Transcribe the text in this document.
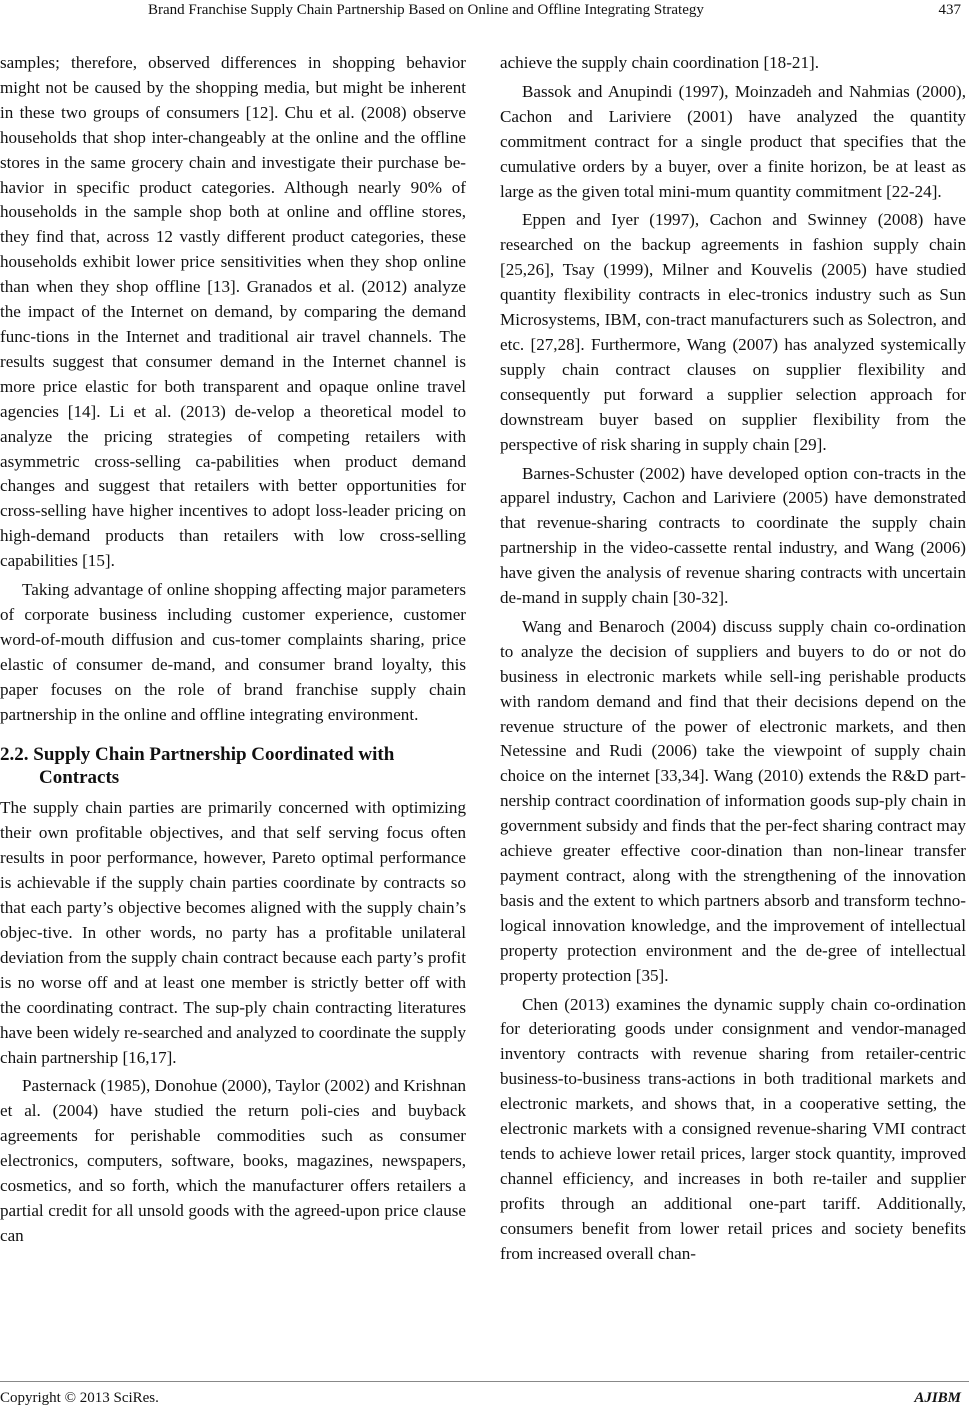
Brand Franchise Supply Chain Partnership Based on Online and Offline Integrating Strategy	437

samples; therefore, observed differences in shopping behavior might not be caused by the shopping media, but might be inherent in these two groups of consumers [12]. Chu et al. (2008) observe households that shop inter-changeably at the online and the offline stores in the same grocery chain and investigate their purchase be-havior in specific product categories. Although nearly 90% of households in the sample shop both at online and offline stores, they find that, across 12 vastly different product categories, these households exhibit lower price sensitivities when they shop online than when they shop offline [13]. Granados et al. (2012) analyze the impact of the Internet on demand, by comparing the demand func-tions in the Internet and traditional air travel channels. The results suggest that consumer demand in the Internet channel is more price elastic for both transparent and opaque online travel agencies [14]. Li et al. (2013) de-velop a theoretical model to analyze the pricing strategies of competing retailers with asymmetric cross-selling ca-pabilities when product demand changes and suggest that retailers with better opportunities for cross-selling have higher incentives to adopt loss-leader pricing on high-demand products than retailers with low cross-selling capabilities [15].

Taking advantage of online shopping affecting major parameters of corporate business including customer experience, customer word-of-mouth diffusion and cus-tomer complaints sharing, price elastic of consumer de-mand, and consumer brand loyalty, this paper focuses on the role of brand franchise supply chain partnership in the online and offline integrating environment.

2.2. Supply Chain Partnership Coordinated with
Contracts

The supply chain parties are primarily concerned with optimizing their own profitable objectives, and that self serving focus often results in poor performance, however, Pareto optimal performance is achievable if the supply chain parties coordinate by contracts so that each party’s objective becomes aligned with the supply chain’s objec-tive. In other words, no party has a profitable unilateral deviation from the supply chain contract because each party’s profit is no worse off and at least one member is strictly better off with the coordinating contract. The sup-ply chain contracting literatures have been widely re-searched and analyzed to coordinate the supply chain partnership [16,17].

Pasternack (1985), Donohue (2000), Taylor (2002) and Krishnan et al. (2004) have studied the return poli-cies and buyback agreements for perishable commodities such as consumer electronics, computers, software, books, magazines, newspapers, cosmetics, and so forth, which the manufacturer offers retailers a partial credit for all unsold goods with the agreed-upon price clause can

achieve the supply chain coordination [18-21].

Bassok and Anupindi (1997), Moinzadeh and Nahmias (2000), Cachon and Lariviere (2001) have analyzed the quantity commitment contract for a single product that specifies that the cumulative orders by a buyer, over a finite horizon, be at least as large as the given total mini-mum quantity commitment [22-24].

Eppen and Iyer (1997), Cachon and Swinney (2008) have researched on the backup agreements in fashion supply chain [25,26], Tsay (1999), Milner and Kouvelis (2005) have studied quantity flexibility contracts in elec-tronics industry such as Sun Microsystems, IBM, con-tract manufacturers such as Solectron, and etc. [27,28]. Furthermore, Wang (2007) has analyzed systemically supply chain contract clauses on supplier flexibility and consequently put forward a supplier selection approach for downstream buyer based on supplier flexibility from the perspective of risk sharing in supply chain [29].

Barnes-Schuster (2002) have developed option con-tracts in the apparel industry, Cachon and Lariviere (2005) have demonstrated that revenue-sharing contracts to coordinate the supply chain partnership in the video-cassette rental industry, and Wang (2006) have given the analysis of revenue sharing contracts with uncertain de-mand in supply chain [30-32].

Wang and Benaroch (2004) discuss supply chain co-ordination to analyze the decision of suppliers and buyers to do or not do business in electronic markets while sell-ing perishable products with random demand and find that their decisions depend on the revenue structure of the power of electronic markets, and then Netessine and Rudi (2006) take the viewpoint of supply chain choice on the internet [33,34]. Wang (2010) extends the R&D part-nership contract coordination of information goods sup-ply chain in government subsidy and finds that the per-fect sharing contract may achieve greater effective coor-dination than non-linear transfer payment contract, along with the strengthening of the innovation basis and the extent to which partners absorb and transform techno-logical innovation knowledge, and the improvement of intellectual property protection environment and the de-gree of intellectual property protection [35].

Chen (2013) examines the dynamic supply chain co-ordination for deteriorating goods under consignment and vendor-managed inventory contracts with revenue sharing from retailer-centric business-to-business trans-actions in both traditional markets and electronic markets, and shows that, in a cooperative setting, the electronic markets with a consigned revenue-sharing VMI contract tends to achieve lower retail prices, larger stock quantity, improved channel efficiency, and increases in both re-tailer and supplier profits through an additional one-part tariff. Additionally, consumers benefit from lower retail prices and society benefits from increased overall chan-

Copyright © 2013 SciRes.	AJIBM
